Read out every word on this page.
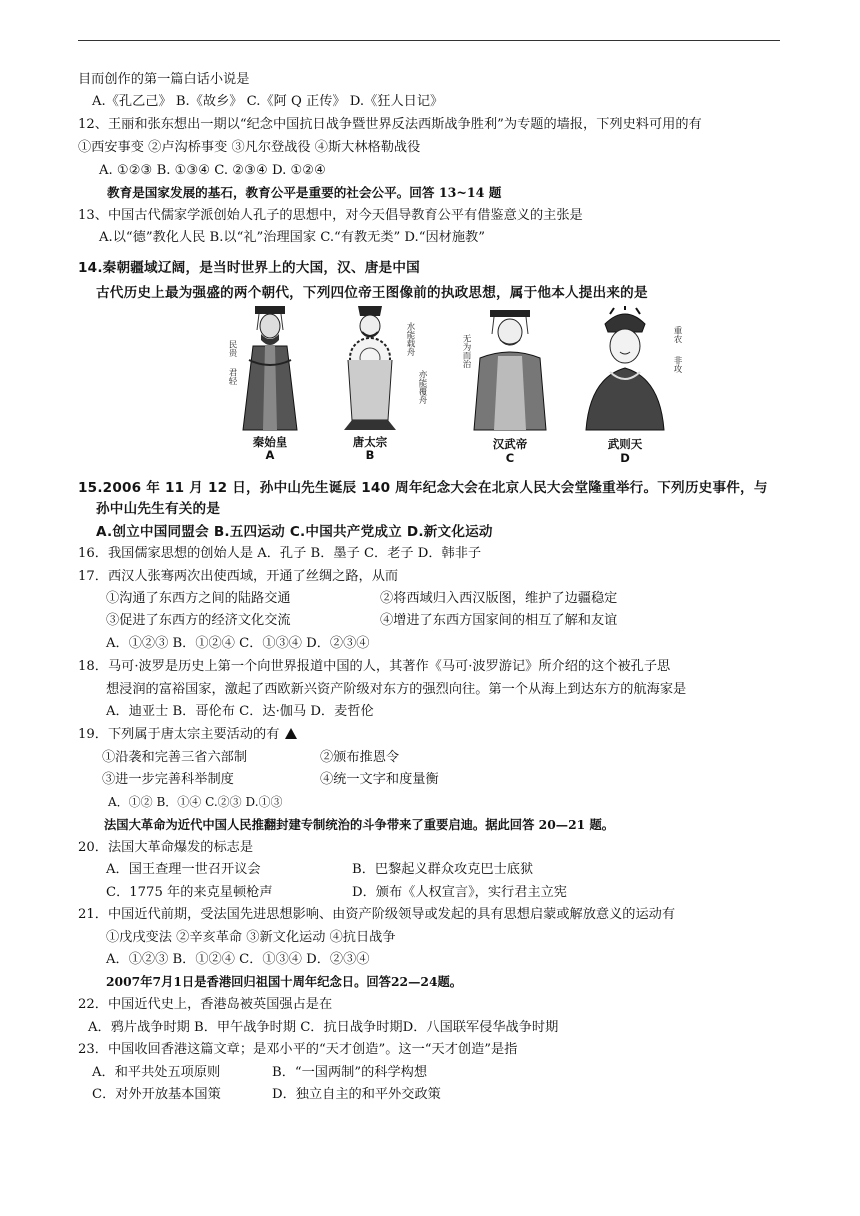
目而创作的第一篇白话小说是
A.《孔乙己》 B.《故乡》 C.《阿 Q 正传》 D.《狂人日记》
12、王丽和张东想出一期以“纪念中国抗日战争暨世界反法西斯战争胜利”为专题的墙报，下列史料可用的有
①西安事变 ②卢沟桥事变 ③凡尔登战役 ④斯大林格勒战役
A. ①②③ B. ①③④ C. ②③④ D. ①②④
教育是国家发展的基石，教育公平是重要的社会公平。回答 13~14 题
13、中国古代儒家学派创始人孔子的思想中，对今天倡导教育公平有借鉴意义的主张是
A.以“德”教化人民 B.以“礼”治理国家 C.“有教无类” D.“因材施教”
14.秦朝疆域辽阔，是当时世界上的大国，汉、唐是中国
古代历史上最为强盛的两个朝代，下列四位帝王图像前的执政思想，属于他本人提出来的是
民贵
君轻
水能载舟
亦能覆舟
无为而治	重农
非攻
秦始皇
A
唐太宗
B
汉武帝
C
武则天
D
15.2006 年 11 月 12 日，孙中山先生诞辰 140 周年纪念大会在北京人民大会堂隆重举行。下列历史事件，与
孙中山先生有关的是
A.创立中国同盟会 B.五四运动 C.中国共产党成立 D.新文化运动
16．我国儒家思想的创始人是 A．孔子 B．墨子 C．老子 D．韩非子
17．西汉人张骞两次出使西域，开通了丝绸之路，从而
①沟通了东西方之间的陆路交通	②将西域归入西汉版图，维护了边疆稳定
③促进了东西方的经济文化交流	④增进了东西方国家间的相互了解和友谊
A．①②③ B．①②④ C．①③④ D．②③④
18．马可·波罗是历史上第一个向世界报道中国的人，其著作《马可·波罗游记》所介绍的这个被孔子思
想浸润的富裕国家，激起了西欧新兴资产阶级对东方的强烈向往。第一个从海上到达东方的航海家是
A．迪亚士 B．哥伦布 C．达·伽马 D．麦哲伦
19．下列属于唐太宗主要活动的有
①沿袭和完善三省六部制	②颁布推恩令
③进一步完善科举制度	④统一文字和度量衡
A．①② B．①④ C.②③ D.①③
法国大革命为近代中国人民推翻封建专制统治的斗争带来了重要启迪。据此回答 20—21 题。
20．法国大革命爆发的标志是
A．国王查理一世召开议会	B．巴黎起义群众攻克巴士底狱
C．1775 年的来克星顿枪声	D．颁布《人权宣言》，实行君主立宪
21．中国近代前期，受法国先进思想影响、由资产阶级领导或发起的具有思想启蒙或解放意义的运动有
①戊戌变法 ②辛亥革命 ③新文化运动 ④抗日战争
A．①②③ B．①②④ C．①③④ D．②③④
2007年7月1日是香港回归祖国十周年纪念日。回答22—24题。
22．中国近代史上，香港岛被英国强占是在
A．鸦片战争时期 B．甲午战争时期 C．抗日战争时期D．八国联军侵华战争时期
23．中国收回香港这篇文章；是邓小平的“天才创造”。这一“天才创造”是指
A．和平共处五项原则	B．“一国两制”的科学构想
C．对外开放基本国策	D．独立自主的和平外交政策
